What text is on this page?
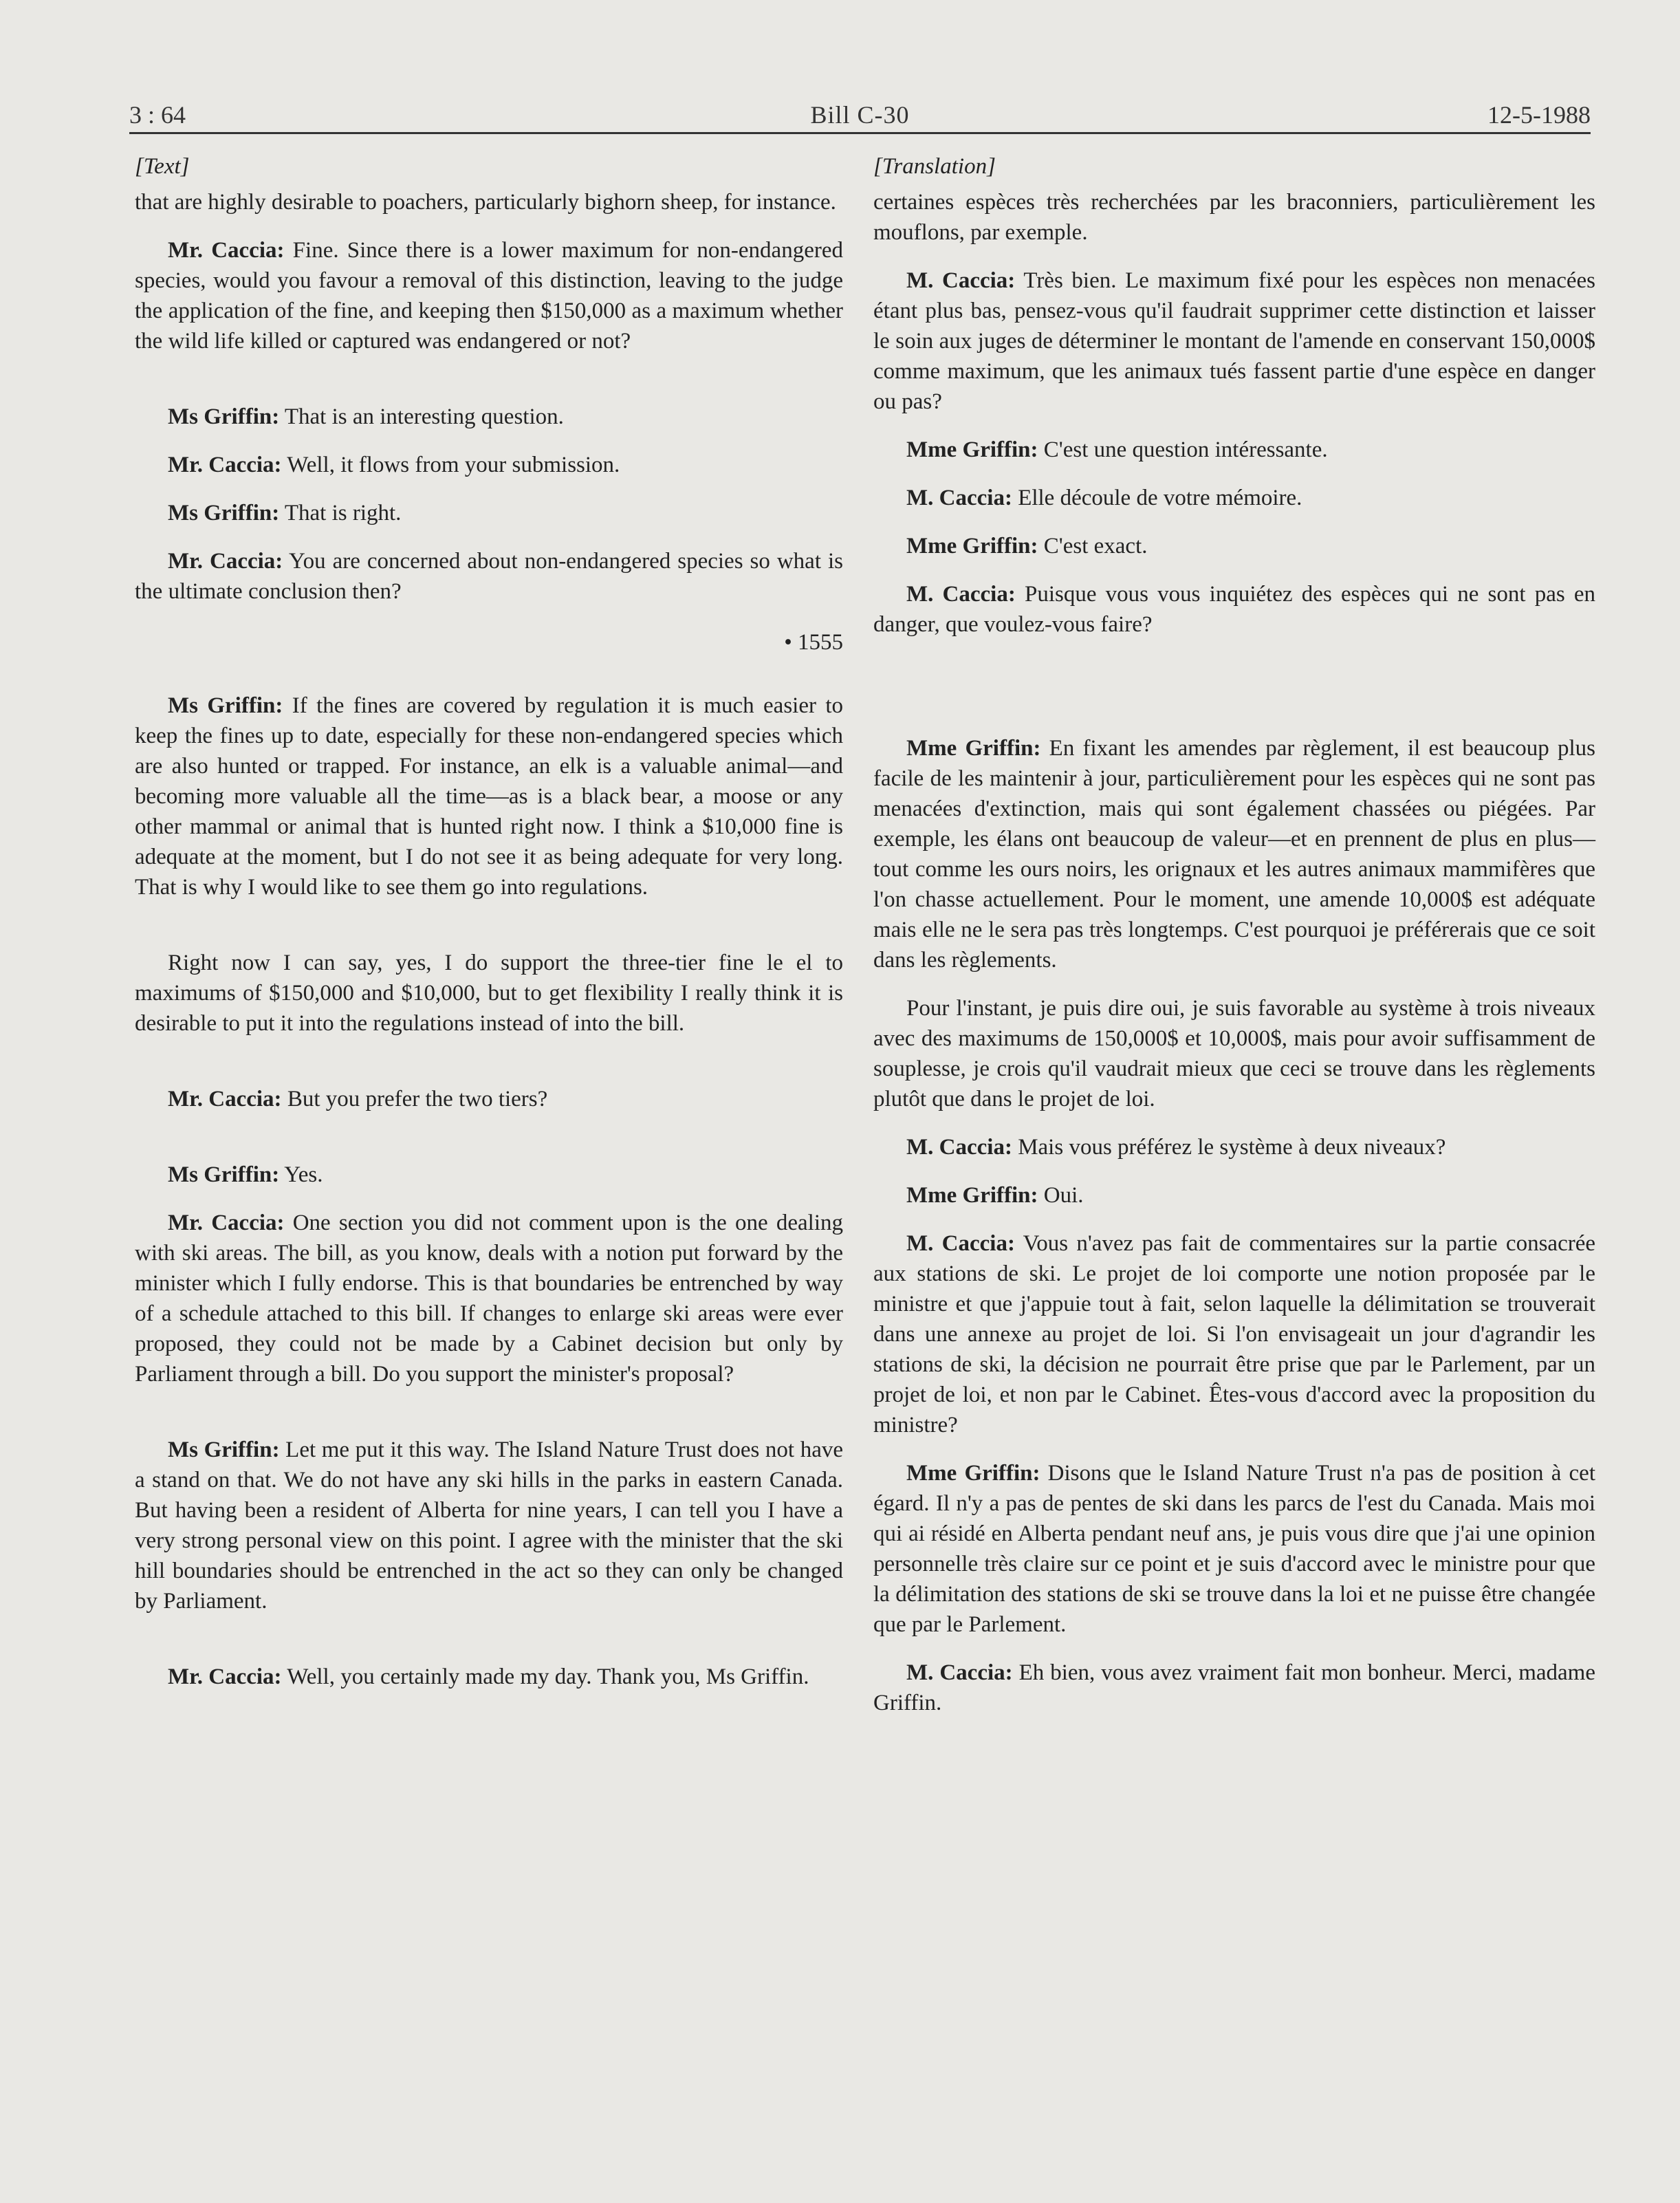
3 : 64	Bill C-30	12-5-1988
[Text]

that are highly desirable to poachers, particularly bighorn sheep, for instance.

Mr. Caccia: Fine. Since there is a lower maximum for non-endangered species, would you favour a removal of this distinction, leaving to the judge the application of the fine, and keeping then $150,000 as a maximum whether the wild life killed or captured was endangered or not?

Ms Griffin: That is an interesting question.

Mr. Caccia: Well, it flows from your submission.

Ms Griffin: That is right.

Mr. Caccia: You are concerned about non-endangered species so what is the ultimate conclusion then?

• 1555

Ms Griffin: If the fines are covered by regulation it is much easier to keep the fines up to date, especially for these non-endangered species which are also hunted or trapped. For instance, an elk is a valuable animal—and becoming more valuable all the time—as is a black bear, a moose or any other mammal or animal that is hunted right now. I think a $10,000 fine is adequate at the moment, but I do not see it as being adequate for very long. That is why I would like to see them go into regulations.

Right now I can say, yes, I do support the three-tier fine le el to maximums of $150,000 and $10,000, but to get flexibility I really think it is desirable to put it into the regulations instead of into the bill.

Mr. Caccia: But you prefer the two tiers?

Ms Griffin: Yes.

Mr. Caccia: One section you did not comment upon is the one dealing with ski areas. The bill, as you know, deals with a notion put forward by the minister which I fully endorse. This is that boundaries be entrenched by way of a schedule attached to this bill. If changes to enlarge ski areas were ever proposed, they could not be made by a Cabinet decision but only by Parliament through a bill. Do you support the minister's proposal?

Ms Griffin: Let me put it this way. The Island Nature Trust does not have a stand on that. We do not have any ski hills in the parks in eastern Canada. But having been a resident of Alberta for nine years, I can tell you I have a very strong personal view on this point. I agree with the minister that the ski hill boundaries should be entrenched in the act so they can only be changed by Parliament.

Mr. Caccia: Well, you certainly made my day. Thank you, Ms Griffin.

[Translation]

certaines espèces très recherchées par les braconniers, particulièrement les mouflons, par exemple.

M. Caccia: Très bien. Le maximum fixé pour les espèces non menacées étant plus bas, pensez-vous qu'il faudrait supprimer cette distinction et laisser le soin aux juges de déterminer le montant de l'amende en conservant 150,000$ comme maximum, que les animaux tués fassent partie d'une espèce en danger ou pas?

Mme Griffin: C'est une question intéressante.

M. Caccia: Elle découle de votre mémoire.

Mme Griffin: C'est exact.

M. Caccia: Puisque vous vous inquiétez des espèces qui ne sont pas en danger, que voulez-vous faire?

Mme Griffin: En fixant les amendes par règlement, il est beaucoup plus facile de les maintenir à jour, particulièrement pour les espèces qui ne sont pas menacées d'extinction, mais qui sont également chassées ou piégées. Par exemple, les élans ont beaucoup de valeur—et en prennent de plus en plus—tout comme les ours noirs, les orignaux et les autres animaux mammifères que l'on chasse actuellement. Pour le moment, une amende 10,000$ est adéquate mais elle ne le sera pas très longtemps. C'est pourquoi je préférerais que ce soit dans les règlements.

Pour l'instant, je puis dire oui, je suis favorable au système à trois niveaux avec des maximums de 150,000$ et 10,000$, mais pour avoir suffisamment de souplesse, je crois qu'il vaudrait mieux que ceci se trouve dans les règlements plutôt que dans le projet de loi.

M. Caccia: Mais vous préférez le système à deux niveaux?

Mme Griffin: Oui.

M. Caccia: Vous n'avez pas fait de commentaires sur la partie consacrée aux stations de ski. Le projet de loi comporte une notion proposée par le ministre et que j'appuie tout à fait, selon laquelle la délimitation se trouverait dans une annexe au projet de loi. Si l'on envisageait un jour d'agrandir les stations de ski, la décision ne pourrait être prise que par le Parlement, par un projet de loi, et non par le Cabinet. Êtes-vous d'accord avec la proposition du ministre?

Mme Griffin: Disons que le Island Nature Trust n'a pas de position à cet égard. Il n'y a pas de pentes de ski dans les parcs de l'est du Canada. Mais moi qui ai résidé en Alberta pendant neuf ans, je puis vous dire que j'ai une opinion personnelle très claire sur ce point et je suis d'accord avec le ministre pour que la délimitation des stations de ski se trouve dans la loi et ne puisse être changée que par le Parlement.

M. Caccia: Eh bien, vous avez vraiment fait mon bonheur. Merci, madame Griffin.
